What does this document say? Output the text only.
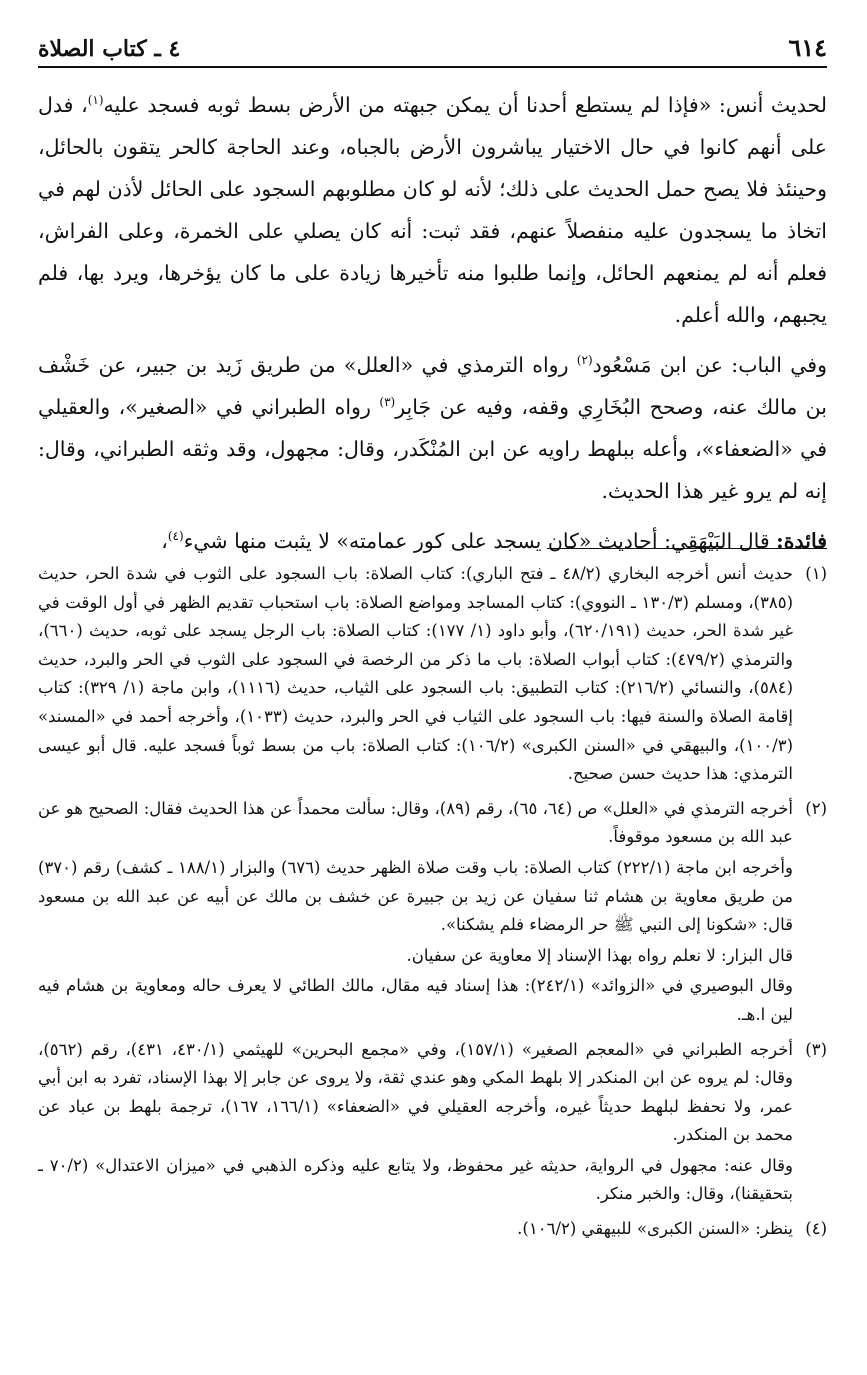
٦١٤
٤ ـ كتاب الصلاة

لحديث أنس: «فإذا لم يستطع أحدنا أن يمكن جبهته من الأرض بسط ثوبه فسجد عليه$^{(١)}$، فدل على أنهم كانوا في حال الاختيار يباشرون الأرض بالجباه، وعند الحاجة كالحر يتقون بالحائل، وحينئذ فلا يصح حمل الحديث على ذلك؛ لأنه لو كان مطلوبهم السجود على الحائل لأذن لهم في اتخاذ ما يسجدون عليه منفصلاً عنهم، فقد ثبت: أنه كان يصلي على الخمرة، وعلى الفراش، فعلم أنه لم يمنعهم الحائل، وإنما طلبوا منه تأخيرها زيادة على ما كان يؤخرها، ويرد بها، فلم يجبهم، والله أعلم.

وفي الباب: عن ابن مَسْعُود$^{(٢)}$ رواه الترمذي في «العلل» من طريق زَيد بن جبير، عن خَشْف بن مالك عنه، وصحح البُخَارِي وقفه، وفيه عن جَابِر$^{(٣)}$ رواه الطبراني في «الصغير»، والعقيلي في «الضعفاء»، وأعله ببلهط راويه عن ابن المُنْكَدر، وقال: مجهول، وقد وثقه الطبراني، وقال: إنه لم يرو غير هذا الحديث.

فائدة: قال البَيْهَقِي: أحاديث «كان يسجد على كور عمامته» لا يثبت منها شيء$^{(٤)}$،

(١)

حديث أنس أخرجه البخاري (٤٨/٢ ـ فتح الباري): كتاب الصلاة: باب السجود على الثوب في شدة الحر، حديث (٣٨٥)، ومسلم (١٣٠/٣ ـ النووي): كتاب المساجد ومواضع الصلاة: باب استحباب تقديم الظهر في أول الوقت في غير شدة الحر، حديث (٦٢٠/١٩١)، وأبو داود (١/ ١٧٧): كتاب الصلاة: باب الرجل يسجد على ثوبه، حديث (٦٦٠)، والترمذي (٤٧٩/٢): كتاب أبواب الصلاة: باب ما ذكر من الرخصة في السجود على الثوب في الحر والبرد، حديث (٥٨٤)، والنسائي (٢١٦/٢): كتاب التطبيق: باب السجود على الثياب، حديث (١١١٦)، وابن ماجة (١/ ٣٢٩): كتاب إقامة الصلاة والسنة فيها: باب السجود على الثياب في الحر والبرد، حديث (١٠٣٣)، وأخرجه أحمد في «المسند» (١٠٠/٣)، والبيهقي في «السنن الكبرى» (١٠٦/٢): كتاب الصلاة: باب من بسط ثوباً فسجد عليه. قال أبو عيسى الترمذي: هذا حديث حسن صحيح.

(٢)

أخرجه الترمذي في «العلل» ص (٦٤، ٦٥)، رقم (٨٩)، وقال: سألت محمداً عن هذا الحديث فقال: الصحيح هو عن عبد الله بن مسعود موقوفاً.

وأخرجه ابن ماجة (٢٢٢/١) كتاب الصلاة: باب وقت صلاة الظهر حديث (٦٧٦) والبزار (١٨٨/١ ـ كشف) رقم (٣٧٠) من طريق معاوية بن هشام ثنا سفيان عن زيد بن جبيرة عن خشف بن مالك عن أبيه عن عبد الله بن مسعود قال: «شكونا إلى النبي ﷺ حر الرمضاء فلم يشكنا».

قال البزار: لا نعلم رواه بهذا الإسناد إلا معاوية عن سفيان.

وقال البوصيري في «الزوائد» (٢٤٢/١): هذا إسناد فيه مقال، مالك الطائي لا يعرف حاله ومعاوية بن هشام فيه لين ا.هـ.

(٣)

أخرجه الطبراني في «المعجم الصغير» (١٥٧/١)، وفي «مجمع البحرين» للهيثمي (٤٣٠/١، ٤٣١)، رقم (٥٦٢)، وقال: لم يروه عن ابن المنكدر إلا بلهط المكي وهو عندي ثقة، ولا يروى عن جابر إلا بهذا الإسناد، تفرد به ابن أبي عمر، ولا نحفظ لبلهط حديثاً غيره، وأخرجه العقيلي في «الضعفاء» (١٦٦/١، ١٦٧)، ترجمة بلهط بن عباد عن محمد بن المنكدر.

وقال عنه: مجهول في الرواية، حديثه غير محفوظ، ولا يتابع عليه وذكره الذهبي في «ميزان الاعتدال» (٧٠/٢ ـ بتحقيقنا)، وقال: والخبر منكر.

(٤)

ينظر: «السنن الكبرى» للبيهقي (١٠٦/٢).
